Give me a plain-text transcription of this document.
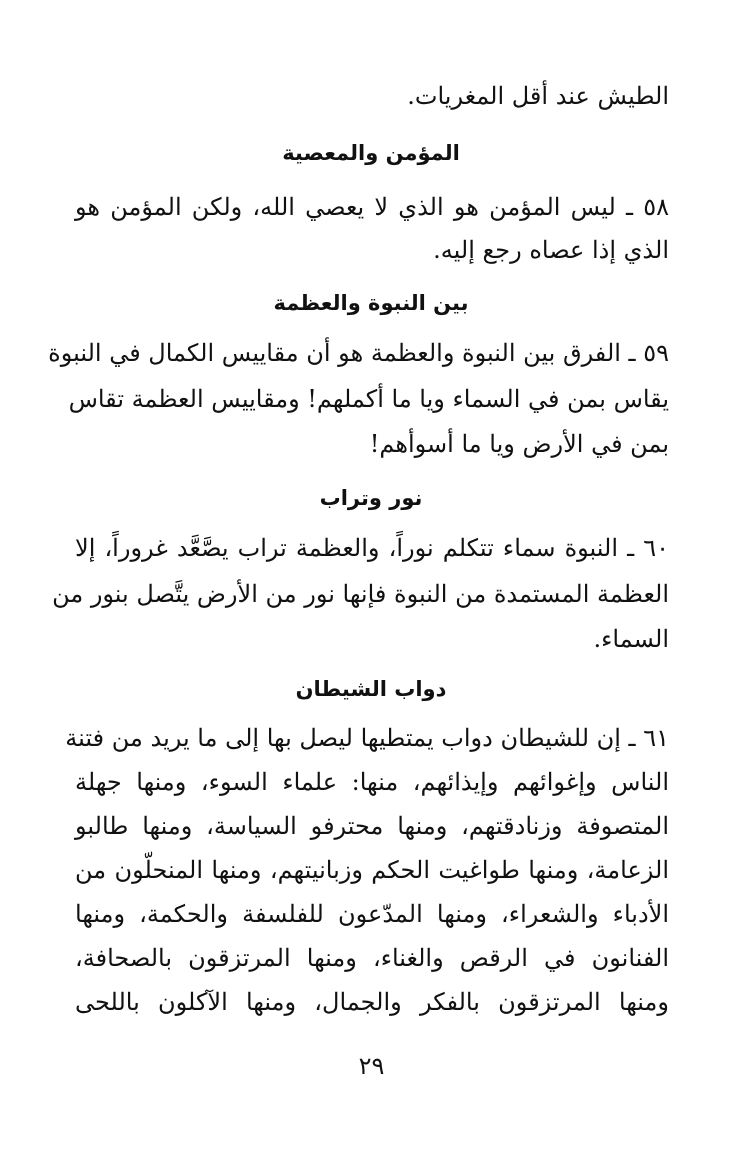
الطيش عند أقل المغريات.
المؤمن والمعصية
٥٨ ـ ليس المؤمن هو الذي لا يعصي الله، ولكن المؤمن هو
الذي إذا عصاه رجع إليه.
بين النبوة والعظمة
٥٩ ـ الفرق بين النبوة والعظمة هو أن مقاييس الكمال في النبوة
يقاس بمن في السماء ويا ما أكملهم! ومقاييس العظمة تقاس
بمن في الأرض ويا ما أسوأهم!
نور وتراب
٦٠ ـ النبوة سماء تتكلم نوراً، والعظمة تراب يصَّعَّد غروراً، إلا
العظمة المستمدة من النبوة فإنها نور من الأرض يتَّصل بنور من
السماء.
دواب الشيطان
٦١ ـ إن للشيطان دواب يمتطيها ليصل بها إلى ما يريد من فتنة
الناس وإغوائهم وإيذائهم، منها: علماء السوء، ومنها جهلة
المتصوفة وزنادقتهم، ومنها محترفو السياسة، ومنها طالبو
الزعامة، ومنها طواغيت الحكم وزبانيتهم، ومنها المنحلّون من
الأدباء والشعراء، ومنها المدّعون للفلسفة والحكمة، ومنها
الفنانون في الرقص والغناء، ومنها المرتزقون بالصحافة،
ومنها المرتزقون بالفكر والجمال، ومنها الآكلون باللحى
٢٩
